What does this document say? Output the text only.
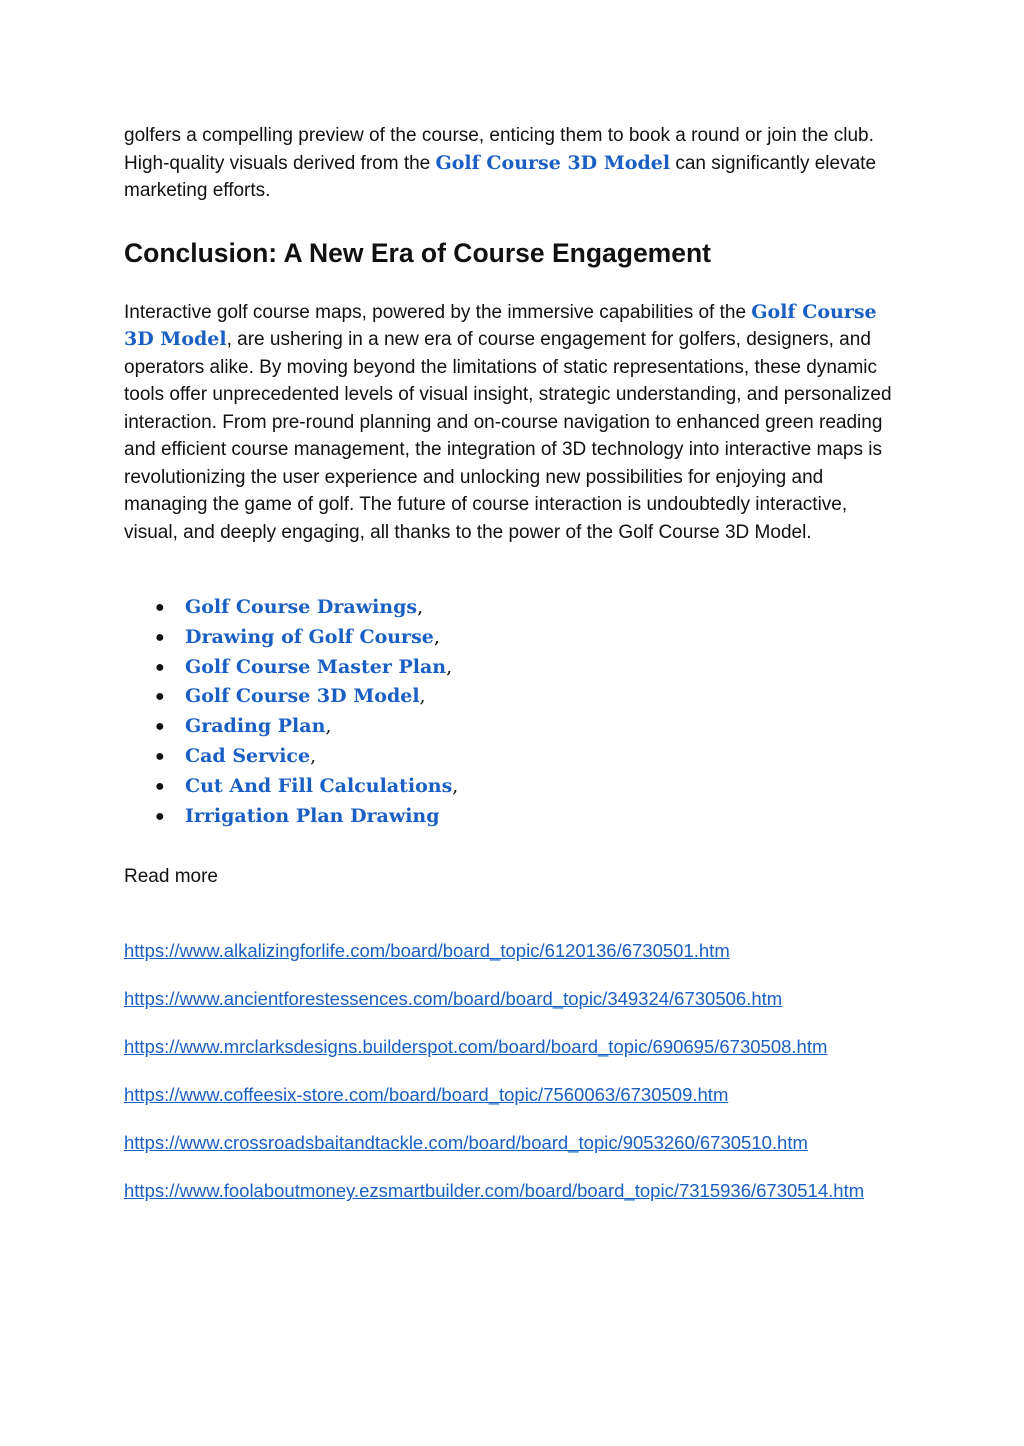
golfers a compelling preview of the course, enticing them to book a round or join the club. High-quality visuals derived from the Golf Course 3D Model can significantly elevate marketing efforts.

Conclusion: A New Era of Course Engagement

Interactive golf course maps, powered by the immersive capabilities of the Golf Course 3D Model, are ushering in a new era of course engagement for golfers, designers, and operators alike. By moving beyond the limitations of static representations, these dynamic tools offer unprecedented levels of visual insight, strategic understanding, and personalized interaction. From pre-round planning and on-course navigation to enhanced green reading and efficient course management, the integration of 3D technology into interactive maps is revolutionizing the user experience and unlocking new possibilities for enjoying and managing the game of golf. The future of course interaction is undoubtedly interactive, visual, and deeply engaging, all thanks to the power of the Golf Course 3D Model.

● Golf Course Drawings,
● Drawing of Golf Course,
● Golf Course Master Plan,
● Golf Course 3D Model,
● Grading Plan,
● Cad Service,
● Cut And Fill Calculations,
● Irrigation Plan Drawing
Read more
https://www.alkalizingforlife.com/board/board_topic/6120136/6730501.htm
https://www.ancientforestessences.com/board/board_topic/349324/6730506.htm
https://www.mrclarksdesigns.builderspot.com/board/board_topic/690695/6730508.htm
https://www.coffeesix-store.com/board/board_topic/7560063/6730509.htm
https://www.crossroadsbaitandtackle.com/board/board_topic/9053260/6730510.htm
https://www.foolaboutmoney.ezsmartbuilder.com/board/board_topic/7315936/6730514.htm
